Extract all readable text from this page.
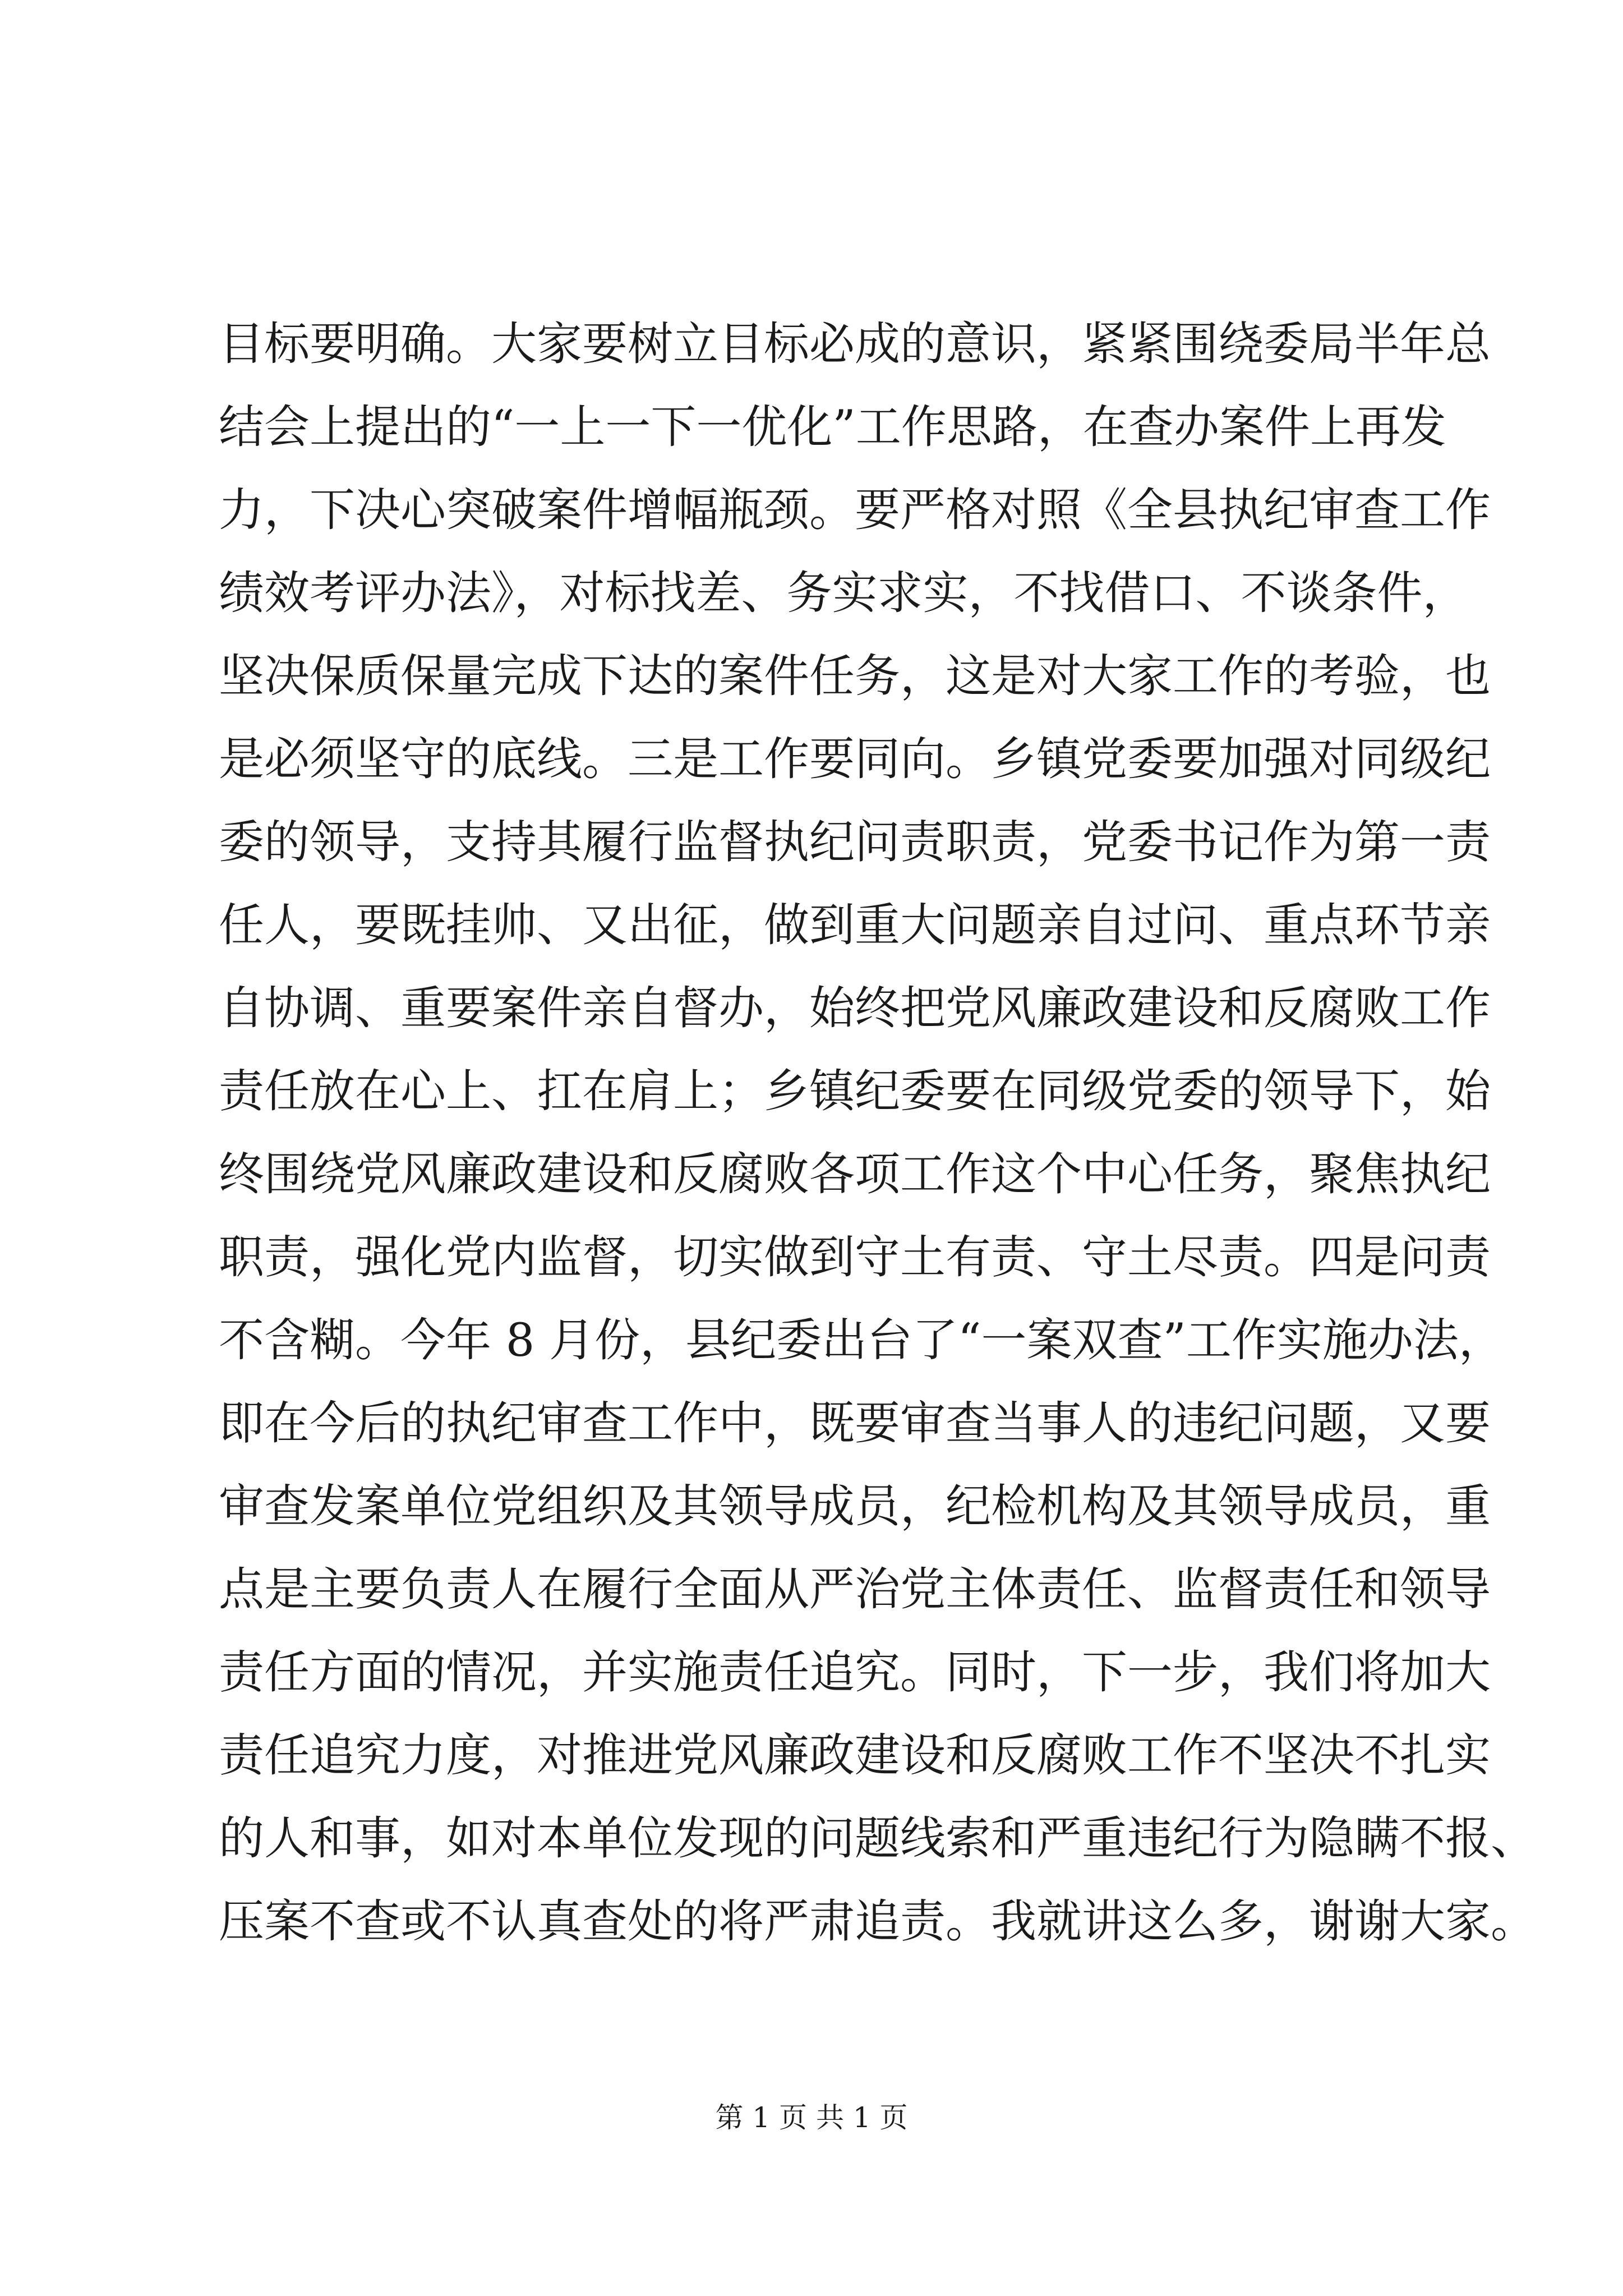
目标要明确。大家要树立目标必成的意识，紧紧围绕委局半年总
结会上提出的“一上一下一优化”工作思路，在查办案件上再发
力，下决心突破案件增幅瓶颈。要严格对照《全县执纪审查工作
绩效考评办法》，对标找差、务实求实，不找借口、不谈条件，
坚决保质保量完成下达的案件任务，这是对大家工作的考验，也
是必须坚守的底线。三是工作要同向。乡镇党委要加强对同级纪
委的领导，支持其履行监督执纪问责职责，党委书记作为第一责
任人，要既挂帅、又出征，做到重大问题亲自过问、重点环节亲
自协调、重要案件亲自督办，始终把党风廉政建设和反腐败工作
责任放在心上、扛在肩上；乡镇纪委要在同级党委的领导下，始
终围绕党风廉政建设和反腐败各项工作这个中心任务，聚焦执纪
职责，强化党内监督，切实做到守土有责、守土尽责。四是问责
不含糊。今年 8 月份，县纪委出台了“一案双查”工作实施办法，
即在今后的执纪审查工作中，既要审查当事人的违纪问题，又要
审查发案单位党组织及其领导成员，纪检机构及其领导成员，重
点是主要负责人在履行全面从严治党主体责任、监督责任和领导
责任方面的情况，并实施责任追究。同时，下一步，我们将加大
责任追究力度，对推进党风廉政建设和反腐败工作不坚决不扎实
的人和事，如对本单位发现的问题线索和严重违纪行为隐瞒不报、
压案不查或不认真查处的将严肃追责。我就讲这么多，谢谢大家。
第 1 页 共 1 页
